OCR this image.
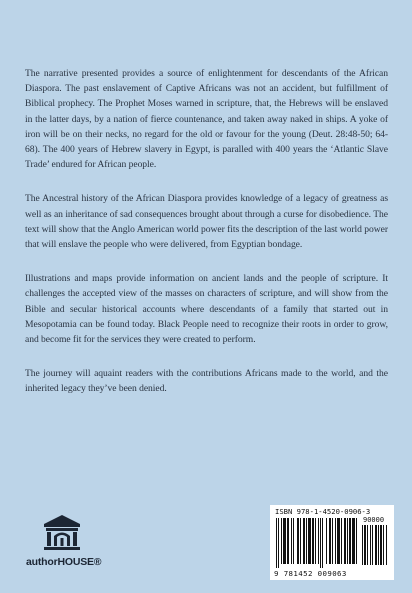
The narrative presented provides a source of enlightenment for descendants of the African Diaspora. The past enslavement of Captive Africans was not an accident, but fulfillment of Biblical prophecy. The Prophet Moses warned in scripture, that, the Hebrews will be enslaved in the latter days, by a nation of fierce countenance, and taken away naked in ships. A yoke of iron will be on their necks, no regard for the old or favour for the young (Deut. 28:48-50; 64-68). The 400 years of Hebrew slavery in Egypt, is paralled with 400 years the ‘Atlantic Slave Trade’ endured for African people.

The Ancestral history of the African Diaspora provides knowledge of a legacy of greatness as well as an inheritance of sad consequences brought about through a curse for disobedience. The text will show that the Anglo American world power fits the description of the last world power that will enslave the people who were delivered, from Egyptian bondage.

Illustrations and maps provide information on ancient lands and the people of scripture. It challenges the accepted view of the masses on characters of scripture, and will show from the Bible and secular historical accounts where descendants of a family that started out in Mesopotamia can be found today. Black People need to recognize their roots in order to grow, and become fit for the services they were created to perform.

The journey will aquaint readers with the contributions Africans made to the world, and the inherited legacy they’ve been denied.

authorHOUSE®
ISBN 978-1-4520-0906-3
90000
9 781452 009063
